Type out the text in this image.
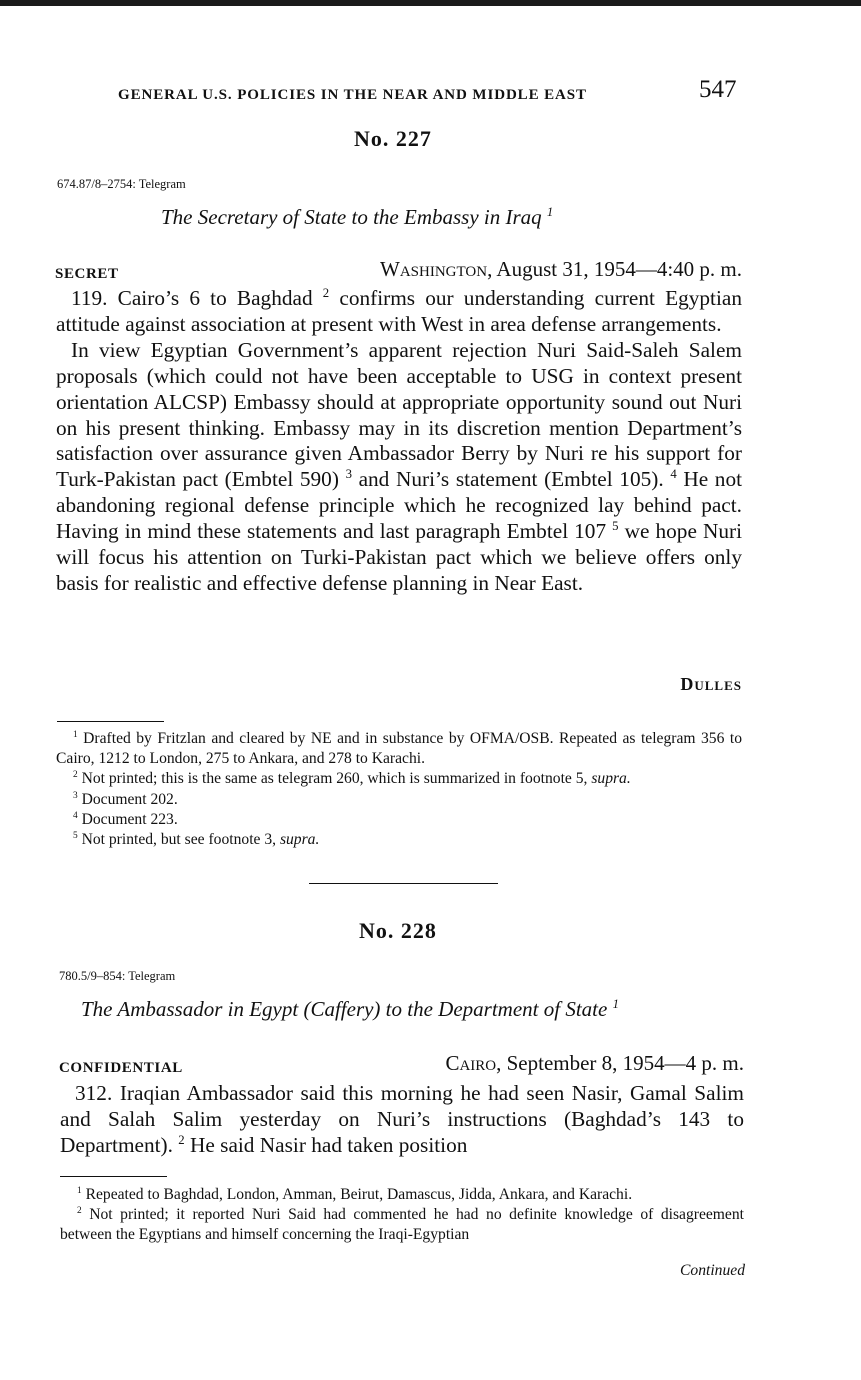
GENERAL U.S. POLICIES IN THE NEAR AND MIDDLE EAST	547
No. 227
674.87/8–2754: Telegram
The Secretary of State to the Embassy in Iraq $^1$
SECRET	Washington, August 31, 1954—4:40 p. m.

119. Cairo’s 6 to Baghdad $^2$ confirms our understanding current Egyptian attitude against association at present with West in area defense arrangements.

In view Egyptian Government’s apparent rejection Nuri Said-Saleh Salem proposals (which could not have been acceptable to USG in context present orientation ALCSP) Embassy should at appropriate opportunity sound out Nuri on his present thinking. Embassy may in its discretion mention Department’s satisfaction over assurance given Ambassador Berry by Nuri re his support for Turk-Pakistan pact (Embtel 590) $^3$ and Nuri’s statement (Embtel 105). $^4$ He not abandoning regional defense principle which he recognized lay behind pact. Having in mind these statements and last paragraph Embtel 107 $^5$ we hope Nuri will focus his attention on Turki-Pakistan pact which we believe offers only basis for realistic and effective defense planning in Near East.

Dulles

$^1$ Drafted by Fritzlan and cleared by NE and in substance by OFMA/OSB. Repeated as telegram 356 to Cairo, 1212 to London, 275 to Ankara, and 278 to Karachi.

$^2$ Not printed; this is the same as telegram 260, which is summarized in footnote 5, supra.

$^3$ Document 202.

$^4$ Document 223.

$^5$ Not printed, but see footnote 3, supra.

No. 228
780.5/9–854: Telegram
The Ambassador in Egypt (Caffery) to the Department of State $^1$
CONFIDENTIAL	Cairo, September 8, 1954—4 p. m.

312. Iraqian Ambassador said this morning he had seen Nasir, Gamal Salim and Salah Salim yesterday on Nuri’s instructions (Baghdad’s 143 to Department). $^2$ He said Nasir had taken position

$^1$ Repeated to Baghdad, London, Amman, Beirut, Damascus, Jidda, Ankara, and Karachi.

$^2$ Not printed; it reported Nuri Said had commented he had no definite knowledge of disagreement between the Egyptians and himself concerning the Iraqi-Egyptian

Continued
